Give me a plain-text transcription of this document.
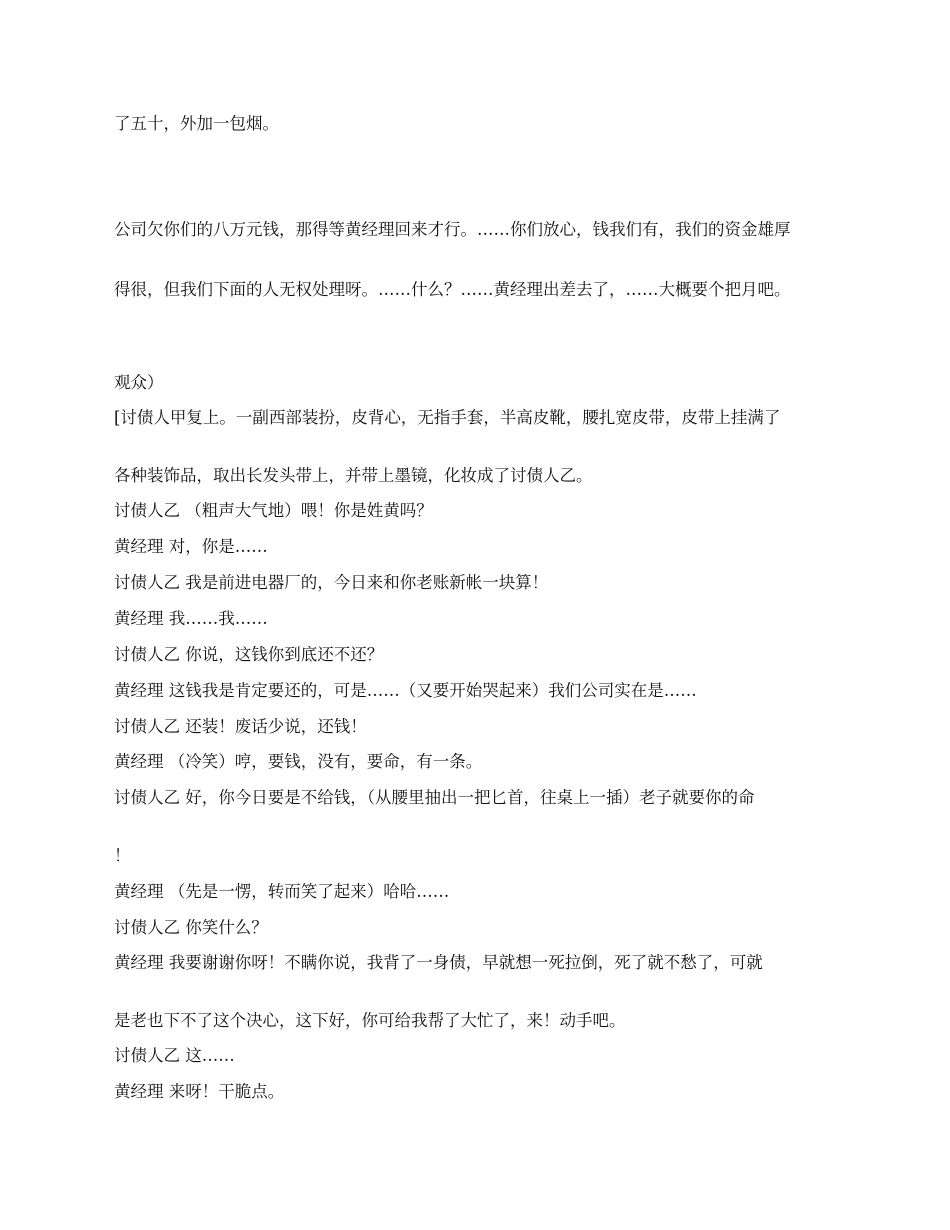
了五十，外加一包烟。
公司欠你们的八万元钱，那得等黄经理回来才行。……你们放心，钱我们有，我们的资金雄厚
得很，但我们下面的人无权处理呀。……什么？……黄经理出差去了，……大概要个把月吧。
观众）
[讨债人甲复上。一副西部装扮，皮背心，无指手套，半高皮靴，腰扎宽皮带，皮带上挂满了
各种装饰品，取出长发头带上，并带上墨镜，化妆成了讨债人乙。
讨债人乙 （粗声大气地）喂！你是姓黄吗？
黄经理 对，你是……
讨债人乙 我是前进电器厂的，今日来和你老账新帐一块算！
黄经理 我……我……
讨债人乙 你说，这钱你到底还不还？
黄经理 这钱我是肯定要还的，可是……（又要开始哭起来）我们公司实在是……
讨债人乙 还装！废话少说，还钱！
黄经理 （冷笑）哼，要钱，没有，要命，有一条。
讨债人乙 好，你今日要是不给钱，（从腰里抽出一把匕首，往桌上一插）老子就要你的命
！
黄经理 （先是一愣，转而笑了起来）哈哈……
讨债人乙 你笑什么？
黄经理 我要谢谢你呀！不瞒你说，我背了一身债，早就想一死拉倒，死了就不愁了，可就
是老也下不了这个决心，这下好，你可给我帮了大忙了，来！动手吧。
讨债人乙 这……
黄经理 来呀！干脆点。
